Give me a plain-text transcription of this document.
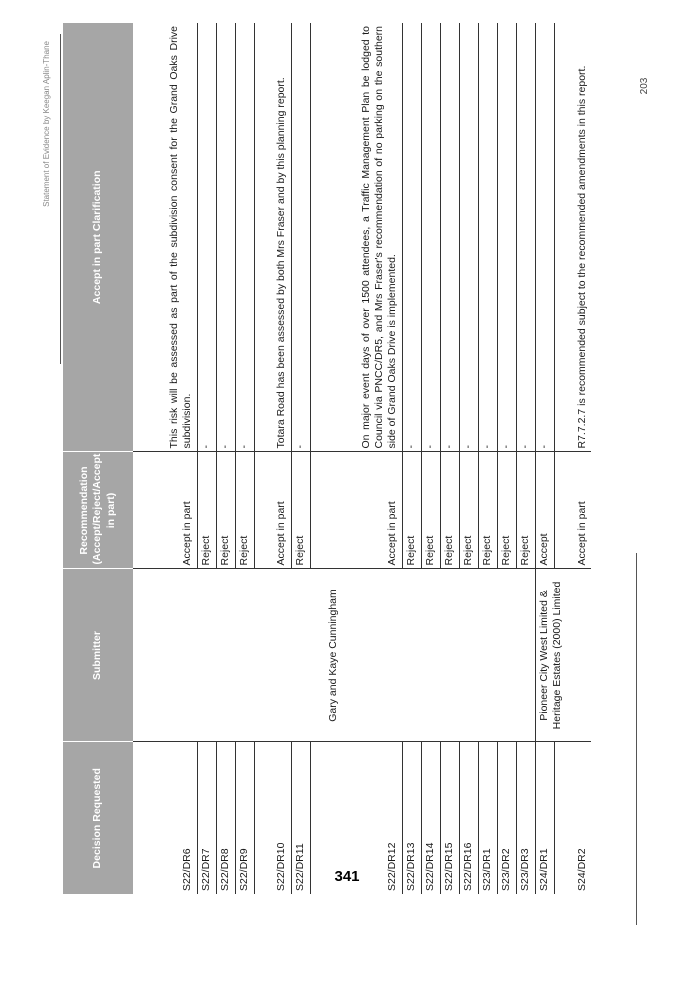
Statement of Evidence by Keegan Aplin-Thane
Decision Requested	Submitter	Recommendation (Accept/Reject/Accept in part)	Accept in part Clarification
S22/DR6	Gary and Kaye Cunningham	Accept in part	This risk will be assessed as part of the subdivision consent for the Grand Oaks Drive subdivision.
S22/DR7		Reject	-
S22/DR8		Reject	-
S22/DR9		Reject	-
S22/DR10		Accept in part	Totara Road has been assessed by both Mrs Fraser and by this planning report.
S22/DR11		Reject	-
S22/DR12		Accept in part	On major event days of over 1500 attendees, a Traffic Management Plan be lodged to Council via PNCC/DR5, and Mrs Fraser's recommendation of no parking on the southern side of Grand Oaks Drive is implemented.
S22/DR13		Reject	-
S22/DR14		Reject	-
S22/DR15		Reject	-
S22/DR16		Reject	-
S23/DR1		Reject	-
S23/DR2		Reject	-
S23/DR3		Reject	-
S24/DR1	Pioneer City West Limited & Heritage Estates (2000) Limited	Accept	-
S24/DR2		Accept in part	R7.7.2.7 is recommended subject to the recommended amendments in this report.	203
341
